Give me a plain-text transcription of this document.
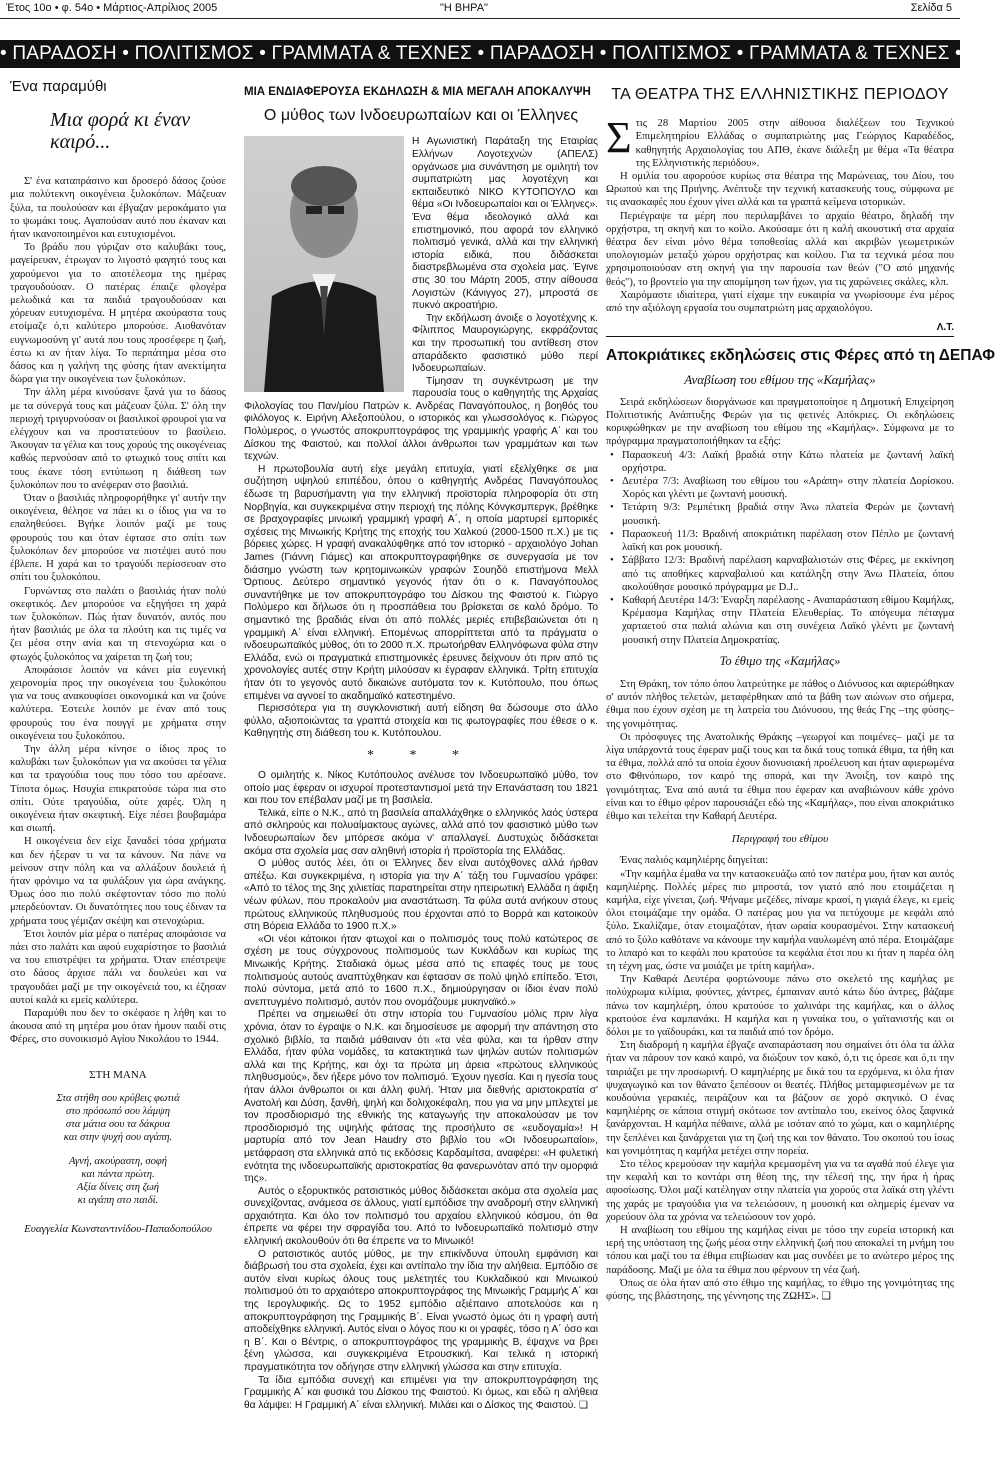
Έτος 10ο • φ. 54ο • Μάρτιος-Απρίλιος 2005	"Η ΒΗΡΑ"	Σελίδα 5
• ΠΑΡΑΔΟΣΗ • ΠΟΛΙΤΙΣΜΟΣ • ΓΡΑΜΜΑΤΑ & ΤΕΧΝΕΣ • ΠΑΡΑΔΟΣΗ • ΠΟΛΙΤΙΣΜΟΣ • ΓΡΑΜΜΑΤΑ & ΤΕΧΝΕΣ •
Ένα παραμύθι
Μια φορά κι έναν καιρό...

Σ' ένα καταπράσινο και δροσερό δάσος ζούσε μια πολύτεκνη οικογένεια ξυλοκόπων. Μάζευαν ξύλα, τα πουλούσαν και έβγαζαν μεροκάματο για το ψωμάκι τους. Αγαπούσαν αυτό που έκαναν και ήταν ικανοποιημένοι και ευτυχισμένοι.

Το βράδυ που γύριζαν στο καλυβάκι τους, μαγείρευαν, έτρωγαν το λιγοστό φαγητό τους και χαρούμενοι για το αποτέλεσμα της ημέρας τραγουδούσαν. Ο πατέρας έπαιζε φλογέρα μελωδικά και τα παιδιά τραγουδούσαν και χόρευαν ευτυχισμένα. Η μητέρα ακούραστα τους ετοίμαζε ό,τι καλύτερο μπορούσε. Αισθανόταν ευγνωμοσύνη γι' αυτά που τους προσέφερε η ζωή, έστω κι αν ήταν λίγα. Το περπάτημα μέσα στο δάσος και η γαλήνη της φύσης ήταν ανεκτίμητα δώρα για την οικογένεια των ξυλοκόπων.

Την άλλη μέρα κινούσανε ξανά για το δάσος με τα σύνεργά τους και μάζευαν ξύλα. Σ' όλη την περιοχή τριγυρνούσαν οι βασιλικοί φρουροί για να ελέγχουν και να προστατεύουν το βασίλειο. Άκουγαν τα γέλια και τους χορούς της οικογένειας καθώς περνούσαν από το φτωχικό τους σπίτι και τους έκανε τόση εντύπωση η διάθεση των ξυλοκόπων που το ανέφεραν στο βασιλιά.

Όταν ο βασιλιάς πληροφορήθηκε γι' αυτήν την οικογένεια, θέλησε να πάει κι ο ίδιος για να το επαληθεύσει. Βγήκε λοιπόν μαζί με τους φρουρούς του και όταν έφτασε στο σπίτι των ξυλοκόπων δεν μπορούσε να πιστέψει αυτό που έβλεπε. Η χαρά και το τραγούδι περίσσευαν στο σπίτι του ξυλοκόπου.

Γυρνώντας στο παλάτι ο βασιλιάς ήταν πολύ σκεφτικός. Δεν μπορούσε να εξηγήσει τη χαρά των ξυλοκόπων. Πώς ήταν δυνατόν, αυτός που ήταν βασιλιάς με όλα τα πλούτη και τις τιμές να ζει μέσα στην ανία και τη στενοχώρια και ο φτωχός ξυλοκόπος να χαίρεται τη ζωή του;

Αποφάσισε λοιπόν να κάνει μία ευγενική χειρονομία προς την οικογένεια του ξυλοκόπου για να τους ανακουφίσει οικονομικά και να ζούνε καλύτερα. Έστειλε λοιπόν με έναν από τους φρουρούς του ένα πουγγί με χρήματα στην οικογένεια του ξυλοκόπου.

Την άλλη μέρα κίνησε ο ίδιος προς το καλυβάκι των ξυλοκόπων για να ακούσει τα γέλια και τα τραγούδια τους που τόσο του αρέσανε. Τίποτα όμως. Ησυχία επικρατούσε τώρα πια στο σπίτι. Ούτε τραγούδια, ούτε χαρές. Όλη η οικογένεια ήταν σκεφτική. Είχε πέσει βουβαμάρα και σιωπή.

Η οικογένεια δεν είχε ξαναδεί τόσα χρήματα και δεν ήξεραν τι να τα κάνουν. Να πάνε να μείνουν στην πόλη και να αλλάξουν δουλειά ή ήταν φρόνιμο να τα φυλάξουν για ώρα ανάγκης. Όμως όσο πιο πολύ σκέφτονταν τόσο πιο πολύ μπερδεύονταν. Οι δυνατότητες που τους έδιναν τα χρήματα τους γέμιζαν σκέψη και στενοχώρια.

Έτσι λοιπόν μία μέρα ο πατέρας αποφάσισε να πάει στο παλάτι και αφού ευχαρίστησε το βασιλιά να του επιστρέψει τα χρήματα. Όταν επέστρεψε στο δάσος άρχισε πάλι να δουλεύει και να τραγουδάει μαζί με την οικογένειά του, κι έζησαν αυτοί καλά κι εμείς καλύτερα.

Παραμύθι που δεν το σκέφασε η λήθη και το άκουσα από τη μητέρα μου όταν ήμουν παιδί στις Φέρες, στο συνοικισμό Αγίου Νικολάου το 1944.

ΣΤΗ ΜΑΝΑ
Στα στήθη σου κρύβεις φωτιά
στο πρόσωπό σου λάμψη
στα μάτια σου τα δάκρυα
και στην ψυχή σου αγάπη.
Αγνή, ακούραστη, σοφή
και πάντα πρώτη.
Αξία δίνεις στη ζωή
κι αγάπη στο παιδί.
Ευαγγελία Κωνσταντινίδου-Παπαδοπούλου
ΜΙΑ ΕΝΔΙΑΦΕΡΟΥΣΑ ΕΚΔΗΛΩΣΗ & ΜΙΑ ΜΕΓΑΛΗ ΑΠΟΚΑΛΥΨΗ
Ο μύθος των Ινδοευρωπαίων και οι Έλληνες

Η Αγωνιστική Παράταξη της Εταιρίας Ελλήνων Λογοτεχνών (ΑΠΕΛΣ) οργάνωσε μια συνάντηση με ομιλητή τον συμπατριώτη μας λογοτέχνη και εκπαιδευτικό ΝΙΚΟ ΚΥΤΟΠΟΥΛΟ και θέμα «Οι Ινδοευρωπαίοι και οι Έλληνες». Ένα θέμα ιδεολογικό αλλά και επιστημονικό, που αφορά τον ελληνικό πολιτισμό γενικά, αλλά και την ελληνική ιστορία ειδικά, που διδάσκεται διαστρεβλωμένα στα σχολεία μας. Έγινε στις 30 του Μάρτη 2005, στην αίθουσα Λογιστών (Κάνιγγος 27), μπροστά σε πυκνό ακροατήριο.

Την εκδήλωση άνοιξε ο λογοτέχνης κ. Φίλιππος Μαυρογιώργης, εκφράζοντας και την προσωπική του αντίθεση στον απαράδεκτο φασιστικό μύθο περί Ινδοευρωπαίων.

Τίμησαν τη συγκέντρωση με την παρουσία τους ο καθηγητής της Αρχαίας Φιλολογίας του Παν/μίου Πατρών κ. Ανδρέας Παναγόπουλος, η βοηθός του φιλόλογος κ. Ειρήνη Αλεξοπούλου, ο ιστορικός και γλωσσολόγος κ. Γιώργος Πολύμερος, ο γνωστός αποκρυπτογράφος της γραμμικής γραφής Α΄ και του Δίσκου της Φαιστού, και πολλοί άλλοι άνθρωποι των γραμμάτων και των τεχνών.

Η πρωτοβουλία αυτή είχε μεγάλη επιτυχία, γιατί εξελίχθηκε σε μια συζήτηση υψηλού επιπέδου, όπου ο καθηγητής Ανδρέας Παναγόπουλος έδωσε τη βαρυσήμαντη για την ελληνική προϊστορία πληροφορία ότι στη Νορβηγία, και συγκεκριμένα στην περιοχή της πόλης Κόνγκσμπεργκ, βρέθηκε σε βραχογραφίες μινωική γραμμική γραφή Α΄, η οποία μαρτυρεί εμπορικές σχέσεις της Μινωικής Κρήτης της εποχής του Χαλκού (2000-1500 π.Χ.) με τις βόρειες χώρες. Η γραφή ανακαλύφθηκε από τον ιστορικό - αρχαιολόγο Johan James (Γιάννη Γιάμες) και αποκρυπτογραφήθηκε σε συνεργασία με τον διάσημο γνώστη των κρητομινωικών γραφών Σουηδό επιστήμονα Μελλ Όρτιους. Δεύτερο σημαντικό γεγονός ήταν ότι ο κ. Παναγόπουλος συναντήθηκε με τον αποκρυπτογράφο του Δίσκου της Φαιστού κ. Γιώργο Πολύμερο και δήλωσε ότι η προσπάθεια του βρίσκεται σε καλό δρόμο. Το σημαντικό της βραδιάς είναι ότι από πολλές μεριές επιβεβαιώνεται ότι η γραμμική Α΄ είναι ελληνική. Επομένως απορρίπτεται από τα πράγματα ο ινδοευρωπαϊκός μύθος, ότι το 2000 π.Χ. πρωτοήρθαν Ελληνόφωνα φύλα στην Ελλάδα, ενώ οι πραγματικά επιστημονικές έρευνες δείχνουν ότι πριν από τις χρονολογίες αυτές στην Κρήτη μιλούσαν κι έγραφαν ελληνικά. Τρίτη επιτυχία ήταν ότι το γεγονός αυτό δικαιώνε αυτόματα τον κ. Κυτόπουλο, που όπως επιμένει να αγνοεί το ακαδημαϊκό κατεστημένο.

Περισσότερα για τη συγκλονιστική αυτή είδηση θα δώσουμε στο άλλο φύλλο, αξιοποιώντας τα γραπτά στοιχεία και τις φωτογραφίες που έθεσε ο κ. Καθηγητής στη διάθεση του κ. Κυτόπουλου.

* * *

Ο ομιλητής κ. Νίκος Κυτόπουλος ανέλυσε τον Ινδοευρωπαϊκό μύθο, τον οποίο μας έφεραν οι ισχυροί προτεσταντισμοί μετά την Επανάσταση του 1821 και που τον επέβαλαν μαζί με τη βασιλεία.

Τελικά, είπε ο Ν.Κ., από τη βασιλεία απαλλάχθηκε ο ελληνικός λαός ύστερα από σκληρούς και πολυαίμακτους αγώνες, αλλά από τον φασιστικό μύθο των Ινδοευρωπαίων δεν μπόρεσε ακόμα ν' απαλλαγεί. Δυστυχώς διδάσκεται ακόμα στα σχολεία μας σαν αληθινή ιστορία ή προϊστορία της Ελλάδας.

Ο μύθος αυτός λέει, ότι οι Έλληνες δεν είναι αυτόχθονες αλλά ήρθαν απέξω. Και συγκεκριμένα, η ιστορία για την Α΄ τάξη του Γυμνασίου γράφει: «Από το τέλος της 3ης χιλιετίας παρατηρείται στην ηπειρωτική Ελλάδα η άφιξη νέων φύλων, που προκαλούν μια αναστάτωση. Τα φύλα αυτά ανήκουν στους πρώτους ελληνικούς πληθυσμούς που έρχονται από το Βορρά και κατοικούν στη Βόρεια Ελλάδα το 1900 π.Χ.»

«Οι νέοι κάτοικοι ήταν φτωχοί και ο πολιτισμός τους πολύ κατώτερος σε σχέση με τους σύγχρονους πολιτισμούς των Κυκλάδων και κυρίως της Μινωικής Κρήτης. Σταδιακά όμως μέσα από τις επαφές τους με τους πολιτισμούς αυτούς αναπτύχθηκαν και έφτασαν σε πολύ ψηλό επίπεδο. Έτσι, πολύ σύντομα, μετά από το 1600 π.Χ., δημιούργησαν οι ίδιοι έναν πολύ ανεπτυγμένο πολιτισμό, αυτόν που ονομάζουμε μυκηναϊκό.»

Πρέπει να σημειωθεί ότι στην ιστορία του Γυμνασίου μόλις πριν λίγα χρόνια, όταν το έγραψε ο Ν.Κ. και δημοσίευσε με αφορμή την απάντηση στο σχολικό βιβλίο, τα παιδιά μάθαιναν ότι «τα νέα φύλα, και τα ήρθαν στην Ελλάδα, ήταν φύλα νομάδες, τα κατακτητικά των ψηλών αυτών πολιτισμών αλλά και της Κρήτης, και όχι τα πρώτα μη άρεια «πρώτους ελληνικούς πληθυσμούς», δεν ήξερε μόνο τον πολιτισμό. Έχουν ηγεσία. Και η ηγεσία τους ήταν άλλοι άνθρωποι οι και άλλη φυλή. Ήταν μια διεθνής αριστοκρατία σ' Ανατολή και Δύση, ξανθή, ψηλή και δολιχοκέφαλη, που για να μην μπλεχτεί με τον προσδιορισμό της εθνικής της καταγωγής την αποκαλούσαν με τον προσδιορισμό της υψηλής φάτσας της προσήλυτο σε «ευδογαμία»! Η μαρτυρία από τον Jean Haudry στο βιβλίο του «Οι Ινδοευρωπαίοι», μετάφραση στα ελληνικά από τις εκδόσεις Καρδαμίτσα, αναφέρει: «Η φυλετική ενότητα της ινδοευρωπαϊκής αριστοκρατίας θα φανερωνόταν από την ομορφιά της».

Αυτός ο εξορυκτικός ρατσιστικός μύθος διδάσκεται ακόμα στα σχολεία μας συνεχίζοντας, ανάμεσα σε άλλους, γιατί εμπόδισε την αναδρομή στην ελληνική αρχαιότητα. Και όλο τον πολιτισμό του αρχαίου ελληνικού κόσμου, ότι θα έπρεπε να φέρει την σφραγίδα του. Από το Ινδοευρωπαϊκό πολιτισμό στην ελληνική ακολουθούν ότι θα έπρεπε να το Μινωικό!

Ο ρατσιστικός αυτός μύθος, με την επικίνδυνα ύπουλη εμφάνιση και διάβρωσή του στα σχολεία, έχει και αντίπαλο την ίδια την αλήθεια. Εμπόδιο σε αυτόν είναι κυρίως όλους τους μελετητές του Κυκλαδικού και Μινωικού πολιτισμού ότι το αρχαιότερο αποκρυπτογράφος της Μινωικής Γραμμής Α΄ και της Ιερογλυφικής. Ως το 1952 εμπόδιο αξιέπαινο αποτελούσε και η αποκρυπτογράφηση της Γραμμικής Β΄. Είναι γνωστό όμως ότι η γραφή αυτή αποδείχθηκε ελληνική. Αυτός είναι ο λόγος που κι οι γραφές, τόσο η Α΄ όσο και η Β΄. Και ο Βέντρις, ο αποκρυπτογράφος της γραμμικής Β, έψαχνε να βρει ξένη γλώσσα, και συγκεκριμένα Ετρουσκική. Και τελικά η ιστορική πραγματικότητα τον οδήγησε στην ελληνική γλώσσα και στην επιτυχία.

Τα ίδια εμπόδια συνεχή και επιμένει για την αποκρυπτογράφηση της Γραμμικής Α΄ και φυσικά του Δίσκου της Φαιστού. Κι όμως, και εδώ η αλήθεια θα λάμψει: Η Γραμμική Α΄ είναι ελληνική. Μιλάει και ο Δίσκος της Φαιστού. ❑

ΤΑ ΘΕΑΤΡΑ ΤΗΣ ΕΛΛΗΝΙΣΤΙΚΗΣ ΠΕΡΙΟΔΟΥ
Σ τις 28 Μαρτίου 2005 στην αίθουσα διαλέξεων του Τεχνικού Επιμελητηρίου Ελλάδας ο συμπατριώτης μας Γεώργιος Καραδέδος, καθηγητής Αρχαιολογίας του ΑΠΘ, έκανε διάλεξη με θέμα «Τα θέατρα της Ελληνιστικής περιόδου».

Η ομιλία του αφορούσε κυρίως στα θέατρα της Μαρώνειας, του Δίου, του Ωρωπού και της Πριήνης. Ανέπτυξε την τεχνική κατασκευής τους, σύμφωνα με τις ανασκαφές που έχουν γίνει αλλά και τα γραπτά κείμενα ιστορικών.

Περιέγραψε τα μέρη που περιλαμβάνει το αρχαίο θέατρο, δηλαδή την ορχήστρα, τη σκηνή και το κοίλο. Ακούσαμε ότι η καλή ακουστική στα αρχαία θέατρα δεν είναι μόνο θέμα τοποθεσίας αλλά και ακριβών γεωμετρικών υπολογισμών μεταξύ χώρου ορχήστρας και κοίλου. Για τα τεχνικά μέσα που χρησιμοποιούσαν στη σκηνή για την παρουσία των θεών ("Ο από μηχανής θεός"), το βροντείο για την απομίμηση των ήχων, για τις χαρώνειες σκάλες, κλπ.

Χαιρόμαστε ιδιαίτερα, γιατί είχαμε την ευκαιρία να γνωρίσουμε ένα μέρος από την αξιόλογη εργασία του συμπατριώτη μας αρχαιολόγου.

Λ.Τ.
Αποκριάτικες εκδηλώσεις στις Φέρες από τη ΔΕΠΑΦ
Αναβίωση του εθίμου της «Καμήλας»

Σειρά εκδηλώσεων διοργάνωσε και πραγματοποίησε η Δημοτική Επιχείρηση Πολιτιστικής Ανάπτυξης Φερών για τις φετινές Απόκριες. Οι εκδηλώσεις κορυφώθηκαν με την αναβίωση του εθίμου της «Καμήλας». Σύμφωνα με το πρόγραμμα πραγματοποιήθηκαν τα εξής:

• Παρασκευή 4/3: Λαϊκή βραδιά στην Κάτω πλατεία με ζωντανή λαϊκή ορχήστρα.
• Δευτέρα 7/3: Αναβίωση του εθίμου του «Αράπη» στην πλατεία Δορίσκου. Χορός και γλέντι με ζωντανή μουσική.
• Τετάρτη 9/3: Ρεμπέτικη βραδιά στην Άνω πλατεία Φερών με ζωντανή μουσική.
• Παρασκευή 11/3: Βραδινή αποκριάτικη παρέλαση στον Πέπλο με ζωντανή λαϊκή και ροκ μουσική.
• Σάββατο 12/3: Βραδινή παρέλαση καρναβαλιστών στις Φέρες, με εκκίνηση από τις αποθήκες καρναβαλιού και κατάληξη στην Άνω Πλατεία, όπου ακολούθησε μουσικό πρόγραμμα με D.J..
• Καθαρή Δευτέρα 14/3: Έναρξη παρέλασης - Αναπαράσταση εθίμου Καμήλας, Κρέμασμα Καμήλας στην Πλατεία Ελευθερίας. Το απόγευμα πέταγμα χαρταετού στα παλιά αλώνια και στη συνέχεια Λαϊκό γλέντι με ζωντανή μουσική στην Πλατεία Δημοκρατίας.
Το έθιμο της «Καμήλας»

Στη Θράκη, τον τόπο όπου λατρεύτηκε με πάθος ο Διόνυσος και αφιερώθηκαν σ' αυτόν πλήθος τελετών, μεταφέρθηκαν από τα βάθη των αιώνων στο σήμερα, έθιμα που έχουν σχέση με τη λατρεία του Διόνυσου, της θεάς Γης –της φύσης– της γονιμότητας.

Οι πρόσφυγες της Ανατολικής Θράκης –γεωργοί και ποιμένες– μαζί με τα λίγα υπάρχοντά τους έφεραν μαζί τους και τα δικά τους τοπικά έθιμα, τα ήθη και τα έθιμα, πολλά από τα οποία έχουν διονυσιακή προέλευση και ήταν αφιερωμένα στο Φθινόπωρο, τον καιρό της σπορά, και την Άνοιξη, τον καιρό της γονιμότητας. Ένα από αυτά τα έθιμα που έφεραν και αναβιώνουν κάθε χρόνο είναι και το έθιμο φέρον παρουσιάζει εδώ της «Καμήλας», που είναι αποκριάτικο έθιμο και τελείται την Καθαρή Δευτέρα.

Περιγραφή του εθίμου

Ένας παλιός καμηλιέρης διηγείται:

«Την καμήλα έμαθα να την κατασκευάζω από τον πατέρα μου, ήταν και αυτός καμηλιέρης. Πολλές μέρες πιο μπροστά, τον γιατό από που ετοιμάζεται η καμήλα, είχε γίνεται, ζωή. Ψήναμε μεζέδες, πίναμε κρασί, η γιαγιά έλεγε, κι εμείς όλοι ετοιμάζαμε την ομάδα. Ο πατέρας μου για να πετύχουμε με κεφάλι από ξύλο. Σκαλίζαμε, όταν ετοιμαζόταν, ήταν ωραία κουρασμένοι. Στην κατασκευή από το ξύλο καθότανε να κάνουμε την καμήλα ναυλωμένη από πέρα. Ετοιμάζαμε το λιπαρό και το κεφάλι που κρατούσε τα κεφάλια έτσι που κι ήταν η παρέα όλη τη τέχνη μας, ώστε να μοιάζει με τρίτη καμήλα».

Την Καθαρά Δευτέρα φορτώνουμε πάνω στο σκελετό της καμήλας με πολύχρωμα κιλίμια, φούντες, χάντρες, έμπαιναν αυτό κάτω δύο άντρες, βάζαμε πάνω τον καμηλιέρη, όπου κρατούσε το χαλινάρι της καμήλας, και ο άλλος κρατούσε ένα καμπανάκι. Η καμήλα και η γυναίκα του, ο γαϊτανιστής και οι δόλοι με το γαϊδουράκι, και τα παιδιά από τον δρόμο.

Στη διαδρομή η καμήλα έβγαζε αναπαράσταση που σημαίνει ότι όλα τα άλλα ήταν να πάρουν τον κακό καιρό, να διώξουν τον κακό, ό,τι τις όρεσε και ό,τι την ταιριάζει με την προσωρινή. Ο καμηλιέρης με δικά του τα ερχόμενα, κι όλα ήταν ψυχαγωγικό και τον θάνατο ξεπέσουν οι θεατές. Πλήθος μεταμφιεσμένων με τα κουδούνια γερακιές, πειράζουν και τα βάζουν σε χορό σκηνικό. Ο ένας καμηλιέρης σε κάποια στιγμή σκότωσε τον αντίπαλο του, εκείνος όλος ξαφνικά ξανάρχονται. Η καμήλα πέθαινε, αλλά με ισόταν από το χώμα, και ο καμηλιέρης την ξεπλένει και ξανάρχεται για τη ζωή της και τον θάνατο. Του σκοπού του ίσως και γονιμότητας η καμήλα μετέχει στην πορεία.

Στο τέλος κρεμούσαν την καμήλα κρεμασμένη για να τα αγαθά πού έλεγε για την κεφαλή και το κοντάρι στη θέση της, την τέλεσή της, την ήρα ή ήρας αφοσίωσης. Όλοι μαζί κατέληγαν στην πλατεία για χορούς στα λαϊκά στη γλέντι της χαράς με τραγούδια για να τελειώσουν, η μουσική και ολημερίς έμεναν να χορεύουν όλα τα χρόνια να τελειώσουν τον χορό.

Η αναβίωση του εθίμου της καμήλας είναι με τόσο την ευρεία ιστορική και ιερή της υπόσταση της ζωής μέσα στην ελληνική ζωή που αποκαλεί τη μνήμη του τόπου και μαζί του τα έθιμα επιβίωσαν και μας συνδέει με το ανώτερο μέρος της παράδοσης. Μαζί με όλα τα έθιμα που φέρνουν τη νέα ζωή.

Όπως σε όλα ήταν από στο έθιμο της καμήλας, το έθιμο της γονιμότητας της φύσης, της βλάστησης, της γέννησης της ΖΩΗΣ». ❑
